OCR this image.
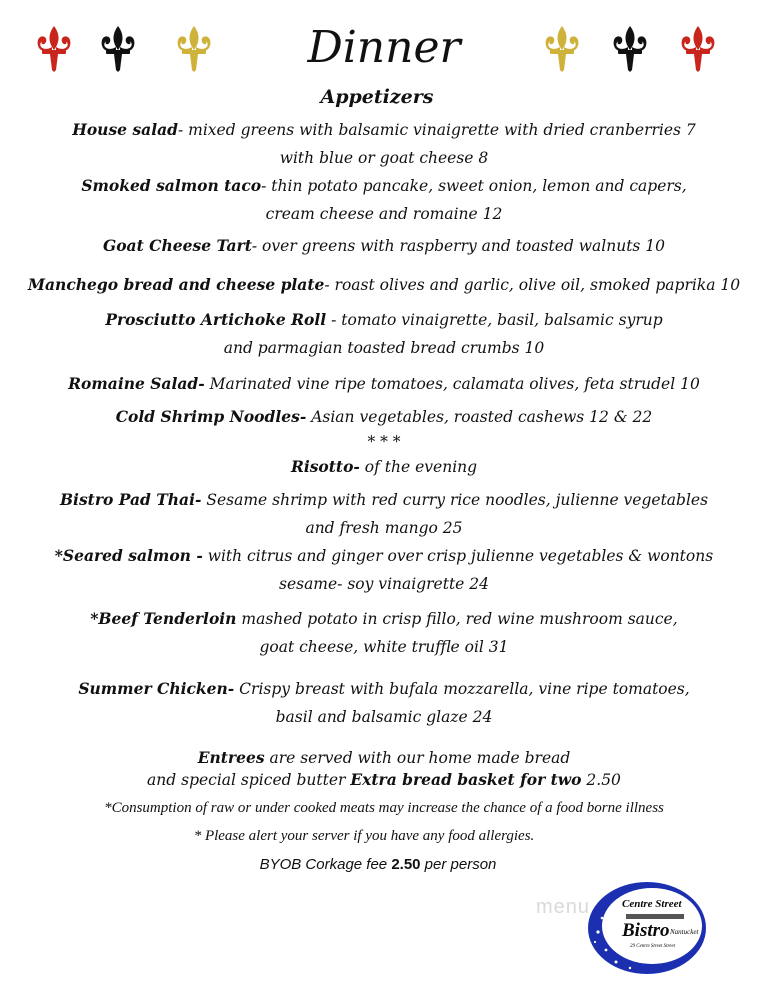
Dinner
Appetizers
House salad- mixed greens with balsamic vinaigrette with dried cranberries 7
with blue or goat cheese 8
Smoked salmon taco- thin potato pancake, sweet onion, lemon and capers,
cream cheese and romaine 12
Goat Cheese Tart- over greens with raspberry and toasted walnuts 10
Manchego bread and cheese plate- roast olives and garlic, olive oil, smoked paprika 10
Prosciutto Artichoke Roll - tomato vinaigrette, basil, balsamic syrup
and parmagian toasted bread crumbs 10
Romaine Salad- Marinated vine ripe tomatoes, calamata olives, feta strudel 10
Cold Shrimp Noodles- Asian vegetables, roasted cashews 12 & 22
* * *
Risotto- of the evening
Bistro Pad Thai- Sesame shrimp with red curry rice noodles, julienne vegetables
and fresh mango 25
*Seared salmon - with citrus and ginger over crisp julienne vegetables & wontons
sesame- soy vinaigrette 24
*Beef Tenderloin mashed potato in crisp fillo, red wine mushroom sauce,
goat cheese, white truffle oil 31
Summer Chicken- Crispy breast with bufala mozzarella, vine ripe tomatoes,
basil and balsamic glaze 24
Entrees are served with our home made bread
and special spiced butter Extra bread basket for two 2.50
*Consumption of raw or under cooked meats may increase the chance of a food borne illness
* Please alert your server if you have any food allergies.
BYOB Corkage fee 2.50 per person
menu	Centre Street
Bistro Nantucket
29 Centre Street Street
